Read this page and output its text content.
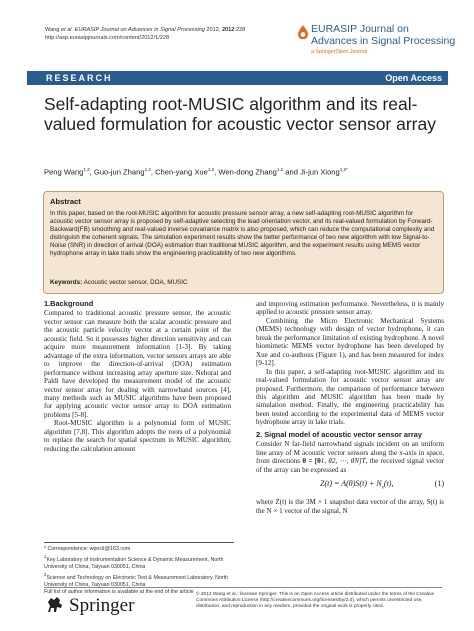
Wang et al. EURASIP Journal on Advances in Signal Processing 2012, 2012:228
http://asp.eurasipjournals.com/content/2012/1/228
EURASIP Journal on
Advances in Signal Processing
a SpringerOpen Journal
RESEARCH	Open Access
Self-adapting root-MUSIC algorithm and its real-valued formulation for acoustic vector sensor array
Peng Wang$^{1,3}$, Guo-jun Zhang$^{1,2}$, Chen-yang Xue$^{1,2}$, Wen-dong Zhang$^{1,2}$ and Ji-jun Xiong$^{1,2*}$
Abstract
In this paper, based on the root-MUSIC algorithm for acoustic pressure sensor array, a new self-adapting root-MUSIC algorithm for acoustic vector sensor array is proposed by self-adaptive selecting the lead orientation vector, and its real-valued formulation by Forward-Backward(FB) smoothing and real-valued inverse covariance matrix is also proposed, which can reduce the computational complexity and distinguish the coherent signals. The simulation experiment results show the better performance of two new algorithm with low Signal-to-Noise (SNR) in direction of arrival (DOA) estimation than traditional MUSIC algorithm, and the experiment results using MEMS vector hydrophone array in lake trails show the engineering practicability of two new algorithms.
Keywords: Acoustic vector sensor, DOA, MUSIC
1.Background

Compared to traditional acoustic pressure sensor, the acoustic vector sensor can measure both the scalar acoustic pressure and the acoustic particle velocity vector at a certain point of the acoustic field. So it possesses higher direction sensitivity and can acquire more measurement information [1-3]. By taking advantage of the extra information, vector sensors arrays are able to improve the direction-of-arrival (DOA) estimation performance without increasing array aperture size. Nehorai and Paldi have developed the measurement model of the acoustic vector sensor array for dealing with narrowband sources [4], many methods such as MUSIC algorithms have been proposed for applying acoustic vector sensor array to DOA estimation problems [5-8].

Root-MUSIC algorithm is a polynomial form of MUSIC algorithm [7,8]. This algorithm adopts the roots of a polynomial to replace the search for spatial spectrum in MUSIC algorithm, reducing the calculation amount

and improving estimation performance. Nevertheless, it is mainly applied to acoustic pressure sensor array.

Combining the Micro Electronic Mechanical Systems (MEMS) technology with design of vector hydrophone, it can break the performance limitation of existing hydrophone. A novel biomimetic MEMS vector hydrophone has been developed by Xue and co-authous (Figure 1), and has been measured for index [9-12].

In this paper, a self-adapting root-MUSIC algorithm and its real-valued formulation for acoustic vector sensor array are proposed. Furthermore, the comparison of performance between this algorithm and MUSIC algorithm has been made by simulation method. Finally, the engineering practicability has been tested according to the experimental data of MEMS vector hydrophone array in lake trials.

2. Signal model of acoustic vector sensor array

Consider N far-field narrowband signals incident on an uniform line array of M acoustic vector sensors along the x-axis in space, from directions θ = [θ1, θ2, ⋯, θN]T, the received signal vector of the array can be expressed as

$Z(t) = A(\theta)S(t) + N_x(t)$,	(1)

where Z(t) is the 3M × 1 snapshot data vector of the array, S(t) is the N × 1 vector of the signal, N

* Correspondence: wpncit@163.com
$^1$Key Laboratory of Instrumentation Science & Dynamic Measurement, North University of China, Taiyuan 030051, China
$^2$Science and Technology on Electronic Test & Measurement Laboratory, North University of China, Taiyuan 030051, China
Full list of author information is available at the end of the article
Springer
© 2012 Wang et al.; licensee Springer. This is an Open Access article distributed under the terms of the Creative Commons Attribution License (http://creativecommons.org/licenses/by/2.0), which permits unrestricted use, distribution, and reproduction in any medium, provided the original work is properly cited.
